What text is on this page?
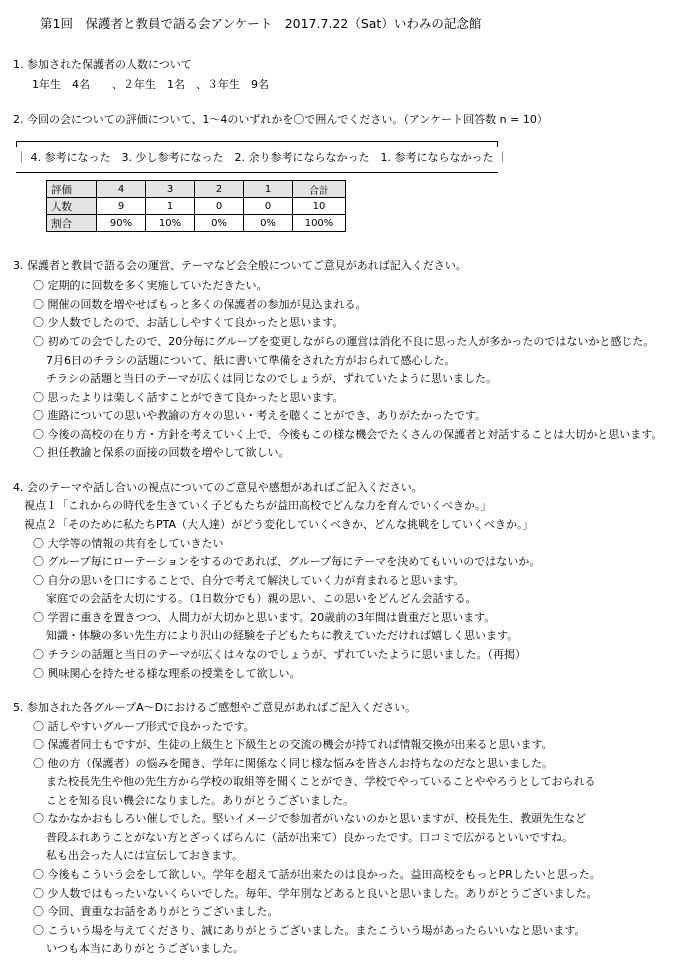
第1回　保護者と教員で語る会アンケート　2017.7.22（Sat）いわみの記念館
1. 参加された保護者の人数について
1年生　4名　　、２年生　1名　、３年生　9名
2. 今回の会についての評価について、1～4のいずれかを〇で囲んでください。（アンケート回答数 n = 10）
｜ 4. 参考になった　3. 少し参考になった　2. 余り参考にならなかった　1. 参考にならなかった ｜
評価	4	3	2	1	合計
人数	9	1	0	0	10
割合	90%	10%	0%	0%	100%
3. 保護者と教員で語る会の運営、テーマなど会全般についてご意見があれば記入ください。
〇 定期的に回数を多く実施していただきたい。
〇 開催の回数を増やせばもっと多くの保護者の参加が見込まれる。
〇 少人数でしたので、お話ししやすくて良かったと思います。
〇 初めての会でしたので、20分毎にグループを変更しながらの運営は消化不良に思った人が多かったのではないかと感じた。
7月6日のチラシの話題について、紙に書いて準備をされた方がおられて感心した。
チラシの話題と当日のテーマが広くは同じなのでしょうが、ずれていたように思いました。
〇 思ったよりは楽しく話すことができて良かったと思います。
〇 進路についての思いや教諭の方々の思い・考えを聴くことができ、ありがたかったです。
〇 今後の高校の在り方・方針を考えていく上で、今後もこの様な機会でたくさんの保護者と対話することは大切かと思います。
〇 担任教諭と保系の面接の回数を増やして欲しい。
4. 会のテーマや話し合いの視点についてのご意見や感想があればご記入ください。
視点１「これからの時代を生きていく子どもたちが益田高校でどんな力を育んでいくべきか。」
視点２「そのために私たちPTA（大人達）がどう変化していくべきか、どんな挑戦をしていくべきか。」
〇 大学等の情報の共有をしていきたい
〇 グループ毎にローテーションをするのであれば、グループ毎にテーマを決めてもいいのではないか。
〇 自分の思いを口にすることで、自分で考えて解決していく力が育まれると思います。
家庭での会話を大切にする。（1日数分でも）親の思い、この思いをどんどん会話する。
〇 学習に重きを置きつつ、人間力が大切かと思います。20歳前の3年間は貴重だと思います。
知識・体験の多い先生方により沢山の経験を子どもたちに教えていただければ嬉しく思います。
〇 チラシの話題と当日のテーマが広くは々なのでしょうが、ずれていたように思いました。（再掲）
〇 興味関心を持たせる様な理系の授業をして欲しい。
5. 参加された各グループA～Dにおけるご感想やご意見があればご記入ください。
〇 話しやすいグループ形式で良かったです。
〇 保護者同士もですが、生徒の上級生と下級生との交流の機会が持てれば情報交換が出来ると思います。
〇 他の方（保護者）の悩みを聞き、学年に関係なく同じ様な悩みを皆さんお持ちなのだなと思いました。
また校長先生や他の先生方から学校の取組等を聞くことができ、学校でやっていることややろうとしておられる
ことを知る良い機会になりました。ありがとうございました。
〇 なかなかおもしろい催しでした。堅いイメージで参加者がいないのかと思いますが、校長先生、教頭先生など
普段ふれあうことがない方とざっくばらんに（話が出来て）良かったです。口コミで広がるといいですね。
私も出会った人には宣伝しておきます。
〇 今後もこういう会をして欲しい。学年を超えて話が出来たのは良かった。益田高校をもっとPRしたいと思った。
〇 少人数ではもったいないくらいでした。毎年、学年別などあると良いと思いました。ありがとうございました。
〇 今回、貴重なお話をありがとうございました。
〇 こういう場を与えてくださり、誠にありがとうございました。またこういう場があったらいいなと思います。
いつも本当にありがとうございました。
